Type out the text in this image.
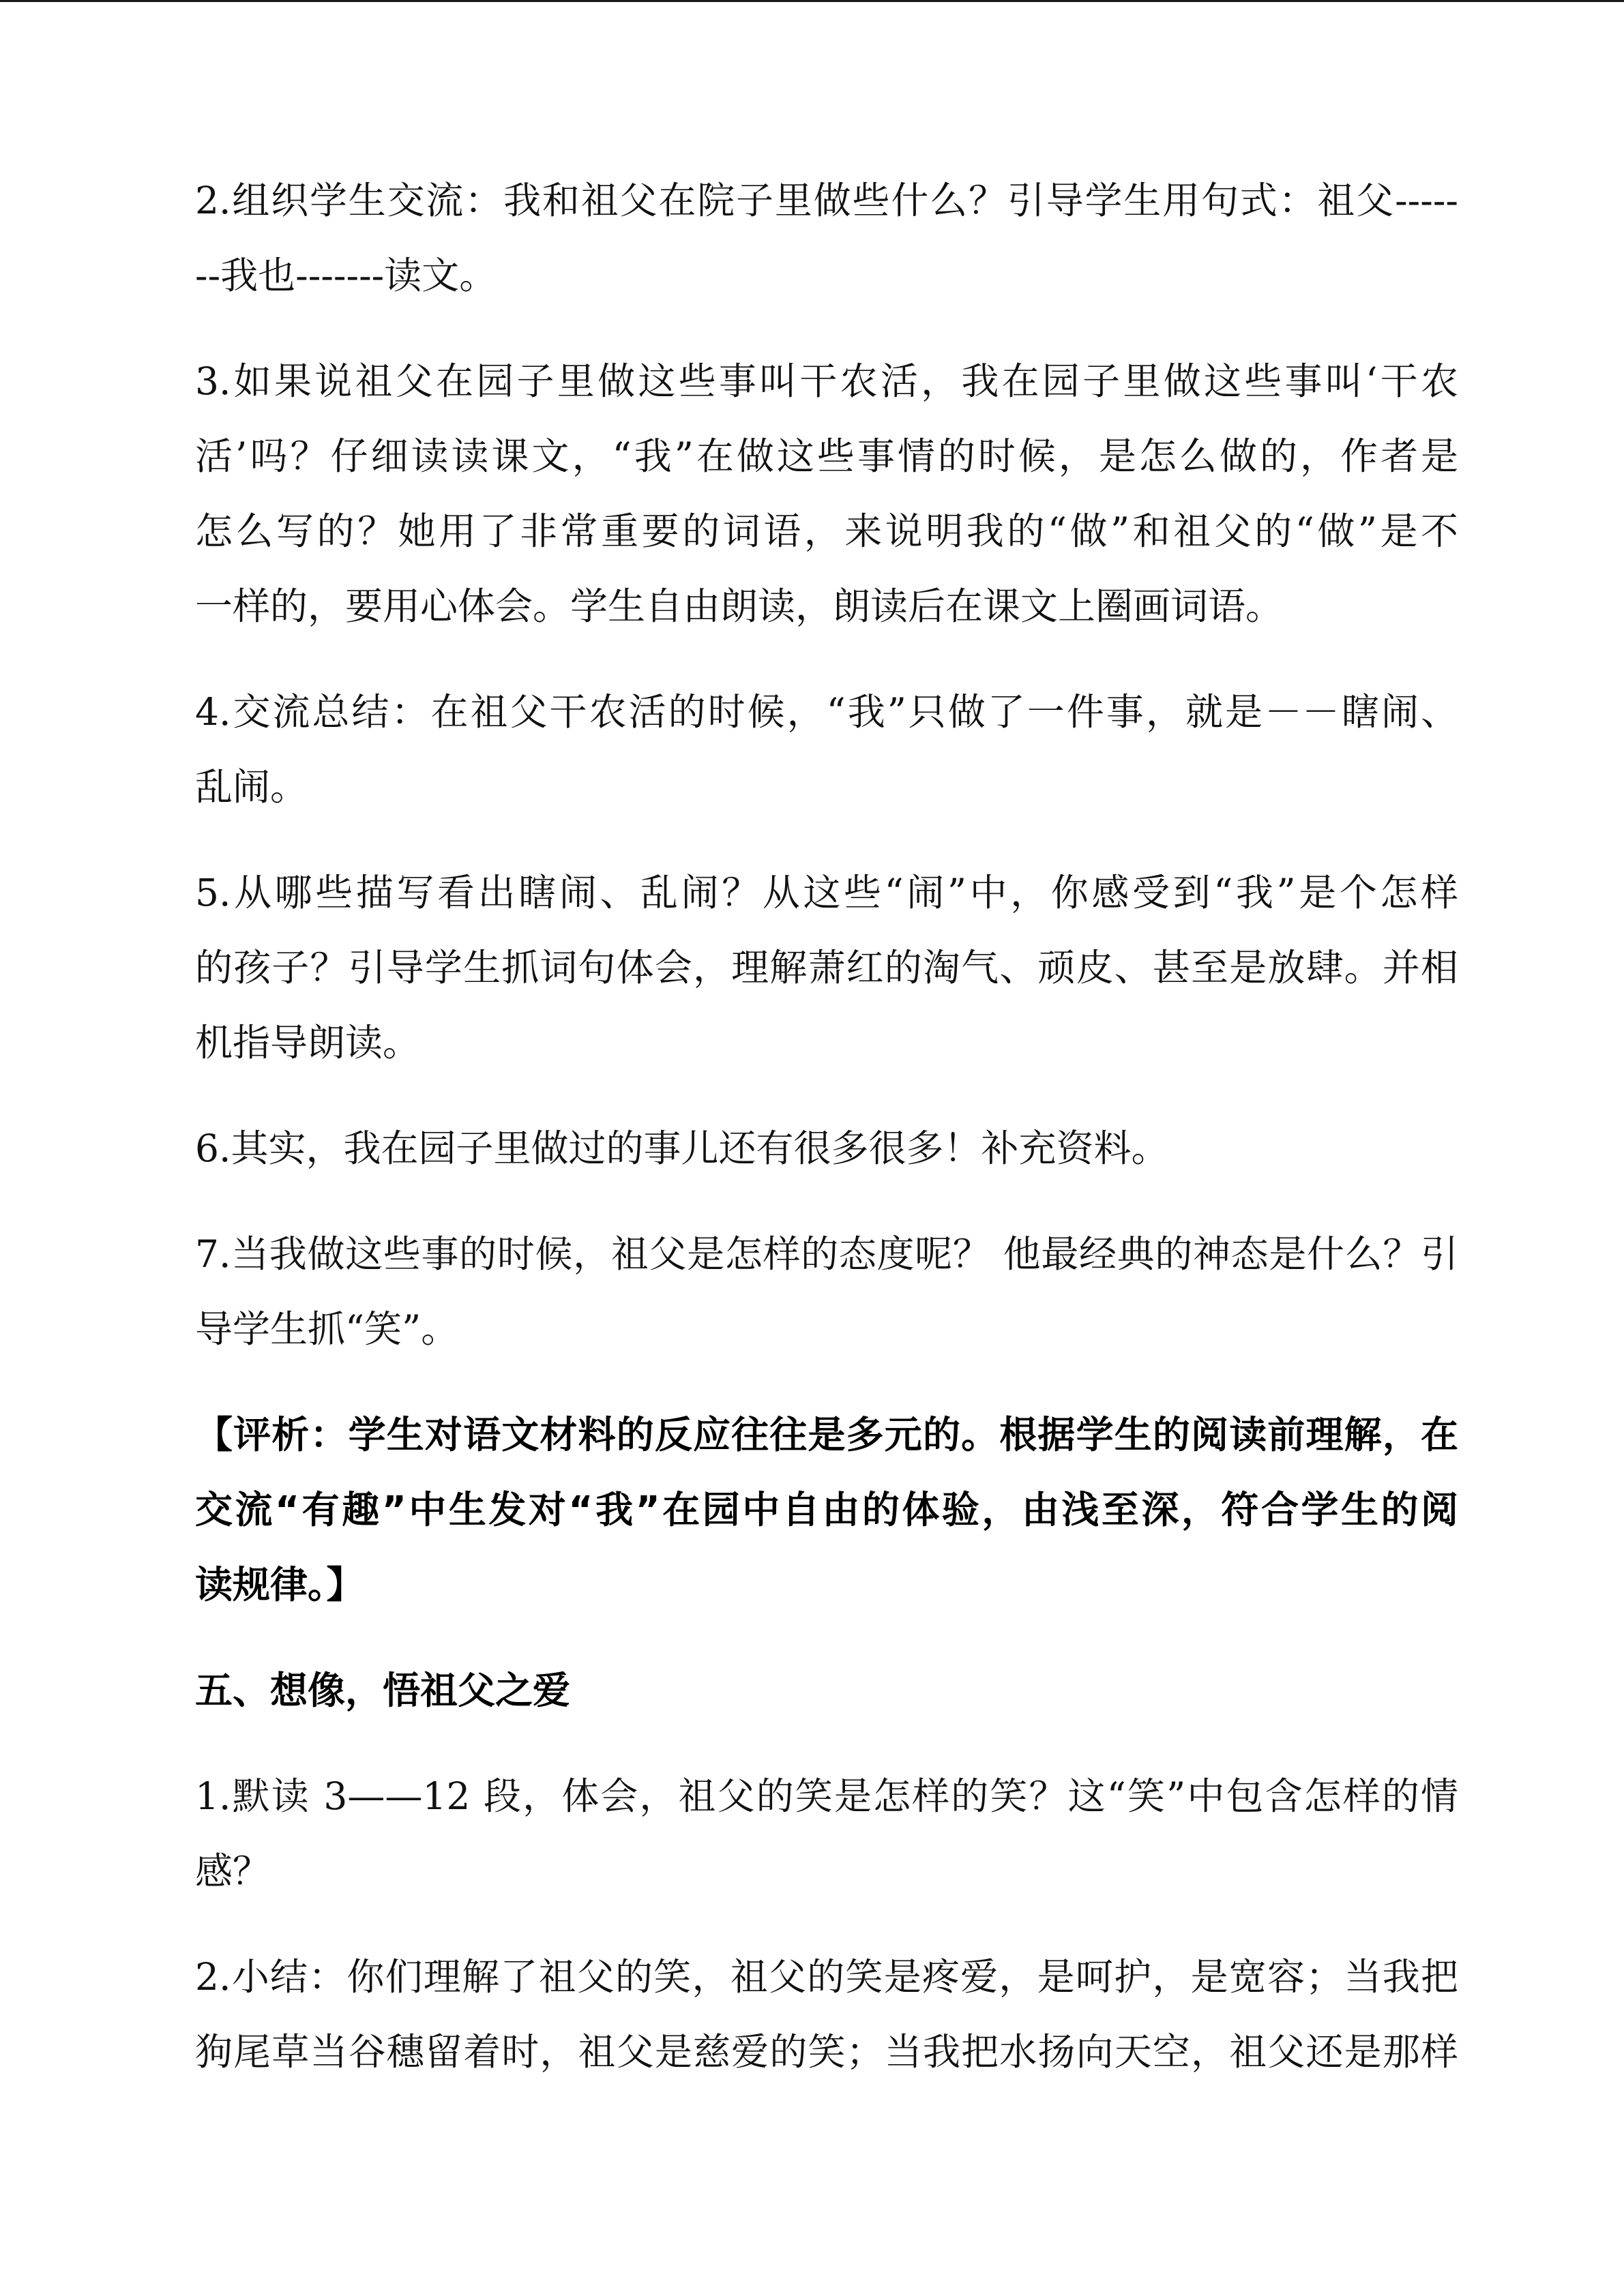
2.组织学生交流：我和祖父在院子里做些什么？引导学生用句式：祖父-----
--我也-------读文。
3.如果说祖父在园子里做这些事叫干农活，我在园子里做这些事叫‘干农
活’吗？仔细读读课文，“我”在做这些事情的时候，是怎么做的，作者是
怎么写的？她用了非常重要的词语，来说明我的“做”和祖父的“做”是不
一样的，要用心体会。学生自由朗读，朗读后在课文上圈画词语。
4.交流总结：在祖父干农活的时候，“我”只做了一件事，就是－－瞎闹、
乱闹。
5.从哪些描写看出瞎闹、乱闹？从这些“闹”中，你感受到“我”是个怎样
的孩子？引导学生抓词句体会，理解萧红的淘气、顽皮、甚至是放肆。并相
机指导朗读。
6.其实，我在园子里做过的事儿还有很多很多！补充资料。
7.当我做这些事的时候，祖父是怎样的态度呢？ 他最经典的神态是什么？引
导学生抓“笑”。
【评析：学生对语文材料的反应往往是多元的。根据学生的阅读前理解，在
交流“有趣”中生发对“我”在园中自由的体验，由浅至深，符合学生的阅
读规律。】
五、想像，悟祖父之爱
1.默读 3——12 段，体会，祖父的笑是怎样的笑？这“笑”中包含怎样的情
感？
2.小结：你们理解了祖父的笑，祖父的笑是疼爱，是呵护，是宽容；当我把
狗尾草当谷穗留着时，祖父是慈爱的笑；当我把水扬向天空，祖父还是那样
